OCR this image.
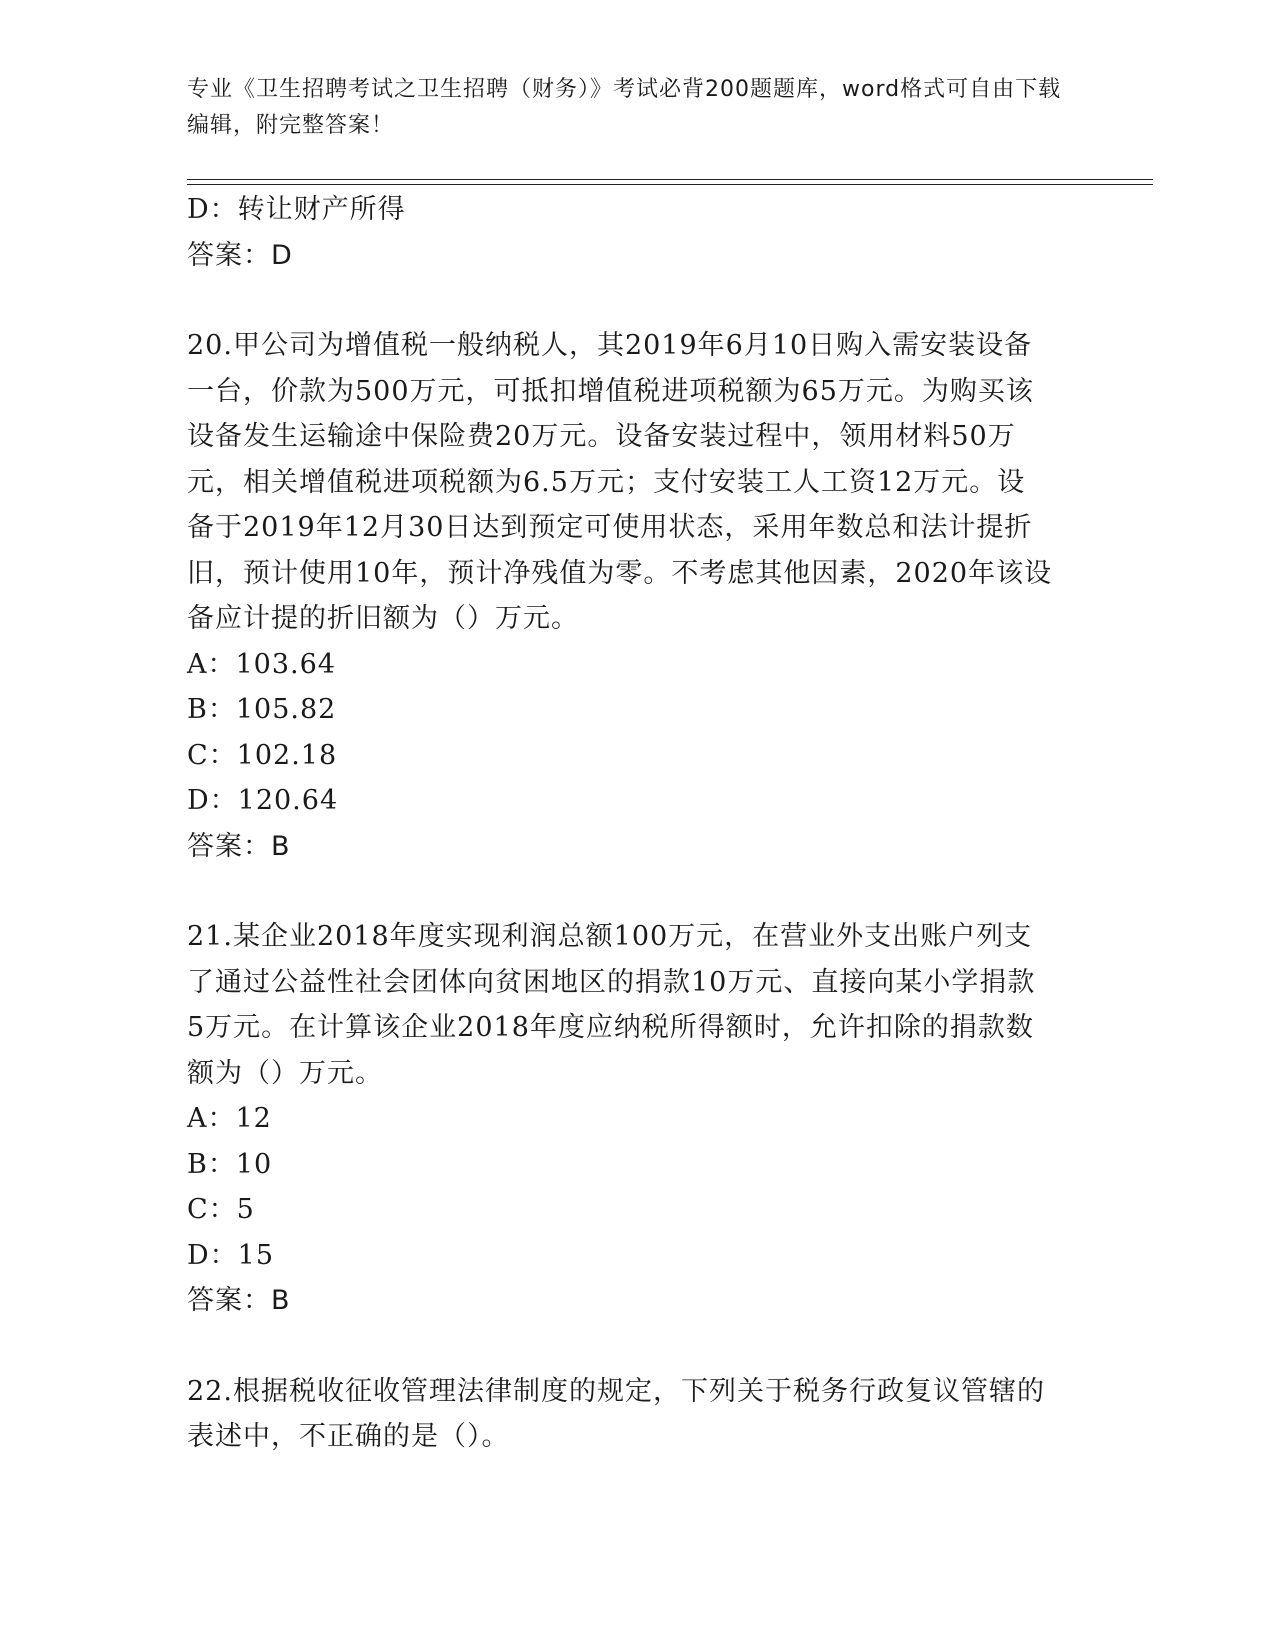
专业《卫生招聘考试之卫生招聘（财务）》考试必背200题题库，word格式可自由下载编辑，附完整答案！
D：转让财产所得
答案：D
20.甲公司为增值税一般纳税人，其2019年6月10日购入需安装设备
一台，价款为500万元，可抵扣增值税进项税额为65万元。为购买该
设备发生运输途中保险费20万元。设备安装过程中，领用材料50万
元，相关增值税进项税额为6.5万元；支付安装工人工资12万元。设
备于2019年12月30日达到预定可使用状态，采用年数总和法计提折
旧，预计使用10年，预计净残值为零。不考虑其他因素，2020年该设
备应计提的折旧额为（）万元。
A：103.64
B：105.82
C：102.18
D：120.64
答案：B
21.某企业2018年度实现利润总额100万元，在营业外支出账户列支
了通过公益性社会团体向贫困地区的捐款10万元、直接向某小学捐款
5万元。在计算该企业2018年度应纳税所得额时，允许扣除的捐款数
额为（）万元。
A：12
B：10
C：5
D：15
答案：B
22.根据税收征收管理法律制度的规定，下列关于税务行政复议管辖的
表述中，不正确的是（）。
